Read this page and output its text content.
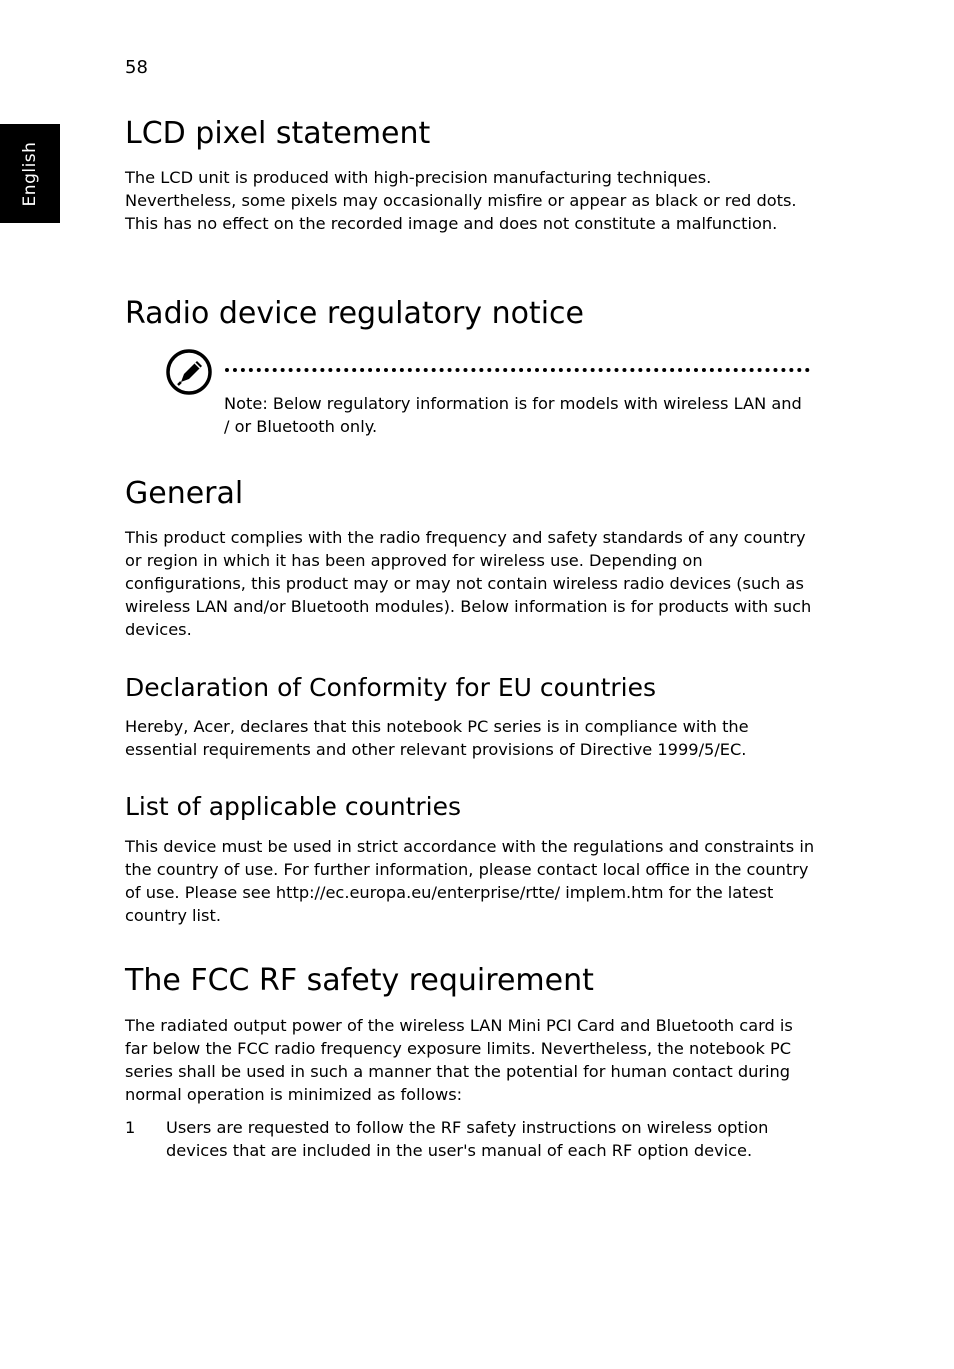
58
English
LCD pixel statement

The LCD unit is produced with high-precision manufacturing techniques. Nevertheless, some pixels may occasionally misfire or appear as black or red dots. This has no effect on the recorded image and does not constitute a malfunction.

Radio device regulatory notice
Note: Below regulatory information is for models with wireless LAN and / or Bluetooth only.
General

This product complies with the radio frequency and safety standards of any country or region in which it has been approved for wireless use. Depending on configurations, this product may or may not contain wireless radio devices (such as wireless LAN and/or Bluetooth modules). Below information is for products with such devices.

Declaration of Conformity for EU countries

Hereby, Acer, declares that this notebook PC series is in compliance with the essential requirements and other relevant provisions of Directive 1999/5/EC.

List of applicable countries

This device must be used in strict accordance with the regulations and constraints in the country of use. For further information, please contact local office in the country of use. Please see http://ec.europa.eu/enterprise/rtte/ implem.htm for the latest country list.

The FCC RF safety requirement

The radiated output power of the wireless LAN Mini PCI Card and Bluetooth card is far below the FCC radio frequency exposure limits. Nevertheless, the notebook PC series shall be used in such a manner that the potential for human contact during normal operation is minimized as follows:

1 Users are requested to follow the RF safety instructions on wireless option devices that are included in the user's manual of each RF option device.
